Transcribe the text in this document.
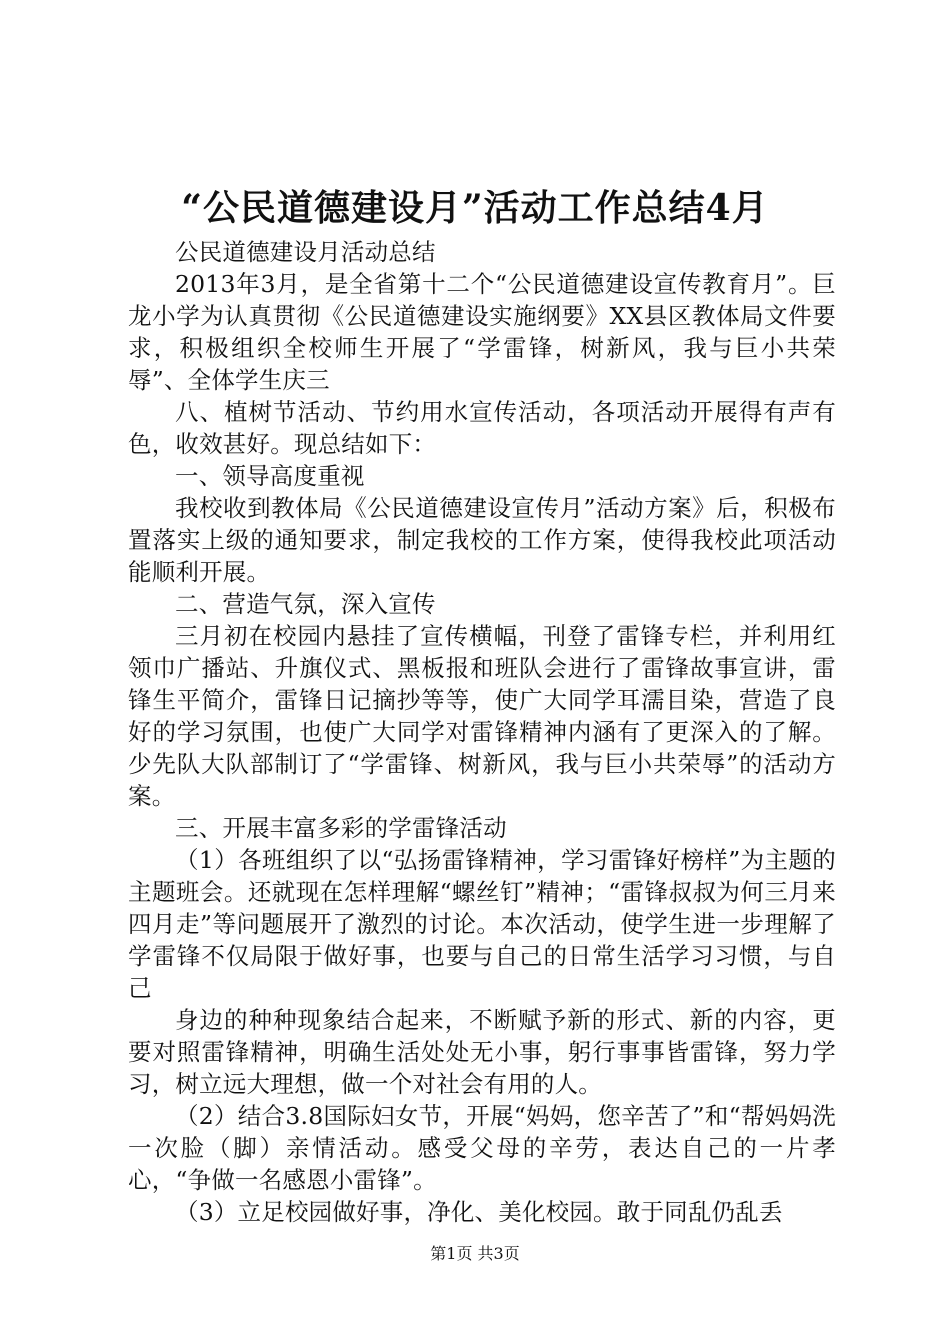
“公民道德建设月”活动工作总结4月

公民道德建设月活动总结

2013年3月，是全省第十二个“公民道德建设宣传教育月”。巨龙小学为认真贯彻《公民道德建设实施纲要》XX县区教体局文件要求，积极组织全校师生开展了“学雷锋，树新风，我与巨小共荣辱”、全体学生庆三

八、植树节活动、节约用水宣传活动，各项活动开展得有声有色，收效甚好。现总结如下：

一、领导高度重视

我校收到教体局《公民道德建设宣传月”活动方案》后，积极布置落实上级的通知要求，制定我校的工作方案，使得我校此项活动能顺利开展。

二、营造气氛，深入宣传

三月初在校园内悬挂了宣传横幅，刊登了雷锋专栏，并利用红领巾广播站、升旗仪式、黑板报和班队会进行了雷锋故事宣讲，雷锋生平简介，雷锋日记摘抄等等，使广大同学耳濡目染，营造了良好的学习氛围，也使广大同学对雷锋精神内涵有了更深入的了解。少先队大队部制订了“学雷锋、树新风，我与巨小共荣辱”的活动方案。

三、开展丰富多彩的学雷锋活动

（1）各班组织了以“弘扬雷锋精神，学习雷锋好榜样”为主题的主题班会。还就现在怎样理解“螺丝钉”精神；“雷锋叔叔为何三月来四月走”等问题展开了激烈的讨论。本次活动，使学生进一步理解了学雷锋不仅局限于做好事，也要与自己的日常生活学习习惯，与自己

身边的种种现象结合起来，不断赋予新的形式、新的内容，更要对照雷锋精神，明确生活处处无小事，躬行事事皆雷锋，努力学习，树立远大理想，做一个对社会有用的人。

（2）结合3.8国际妇女节，开展“妈妈，您辛苦了”和“帮妈妈洗一次脸（脚）亲情活动。感受父母的辛劳，表达自己的一片孝心，“争做一名感恩小雷锋”。

（3）立足校园做好事，净化、美化校园。敢于同乱仍乱丢

第1页 共3页
